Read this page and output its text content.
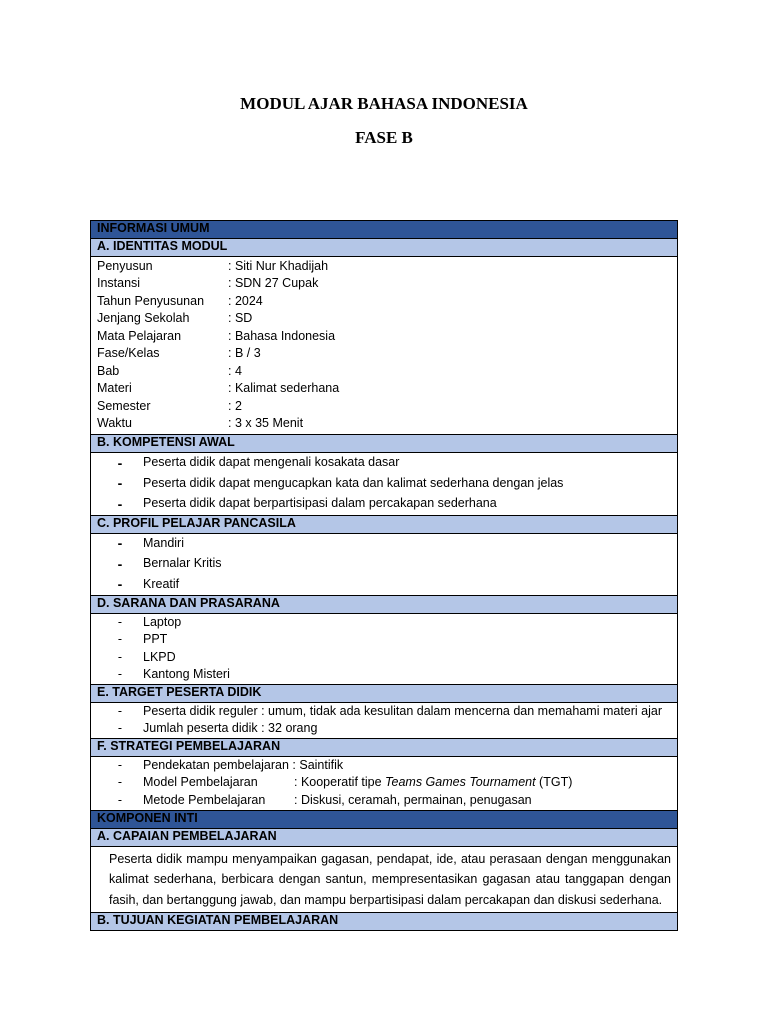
MODUL AJAR BAHASA INDONESIA
FASE B
INFORMASI UMUM
A. IDENTITAS MODUL

Penyusun	: Siti Nur Khadijah
Instansi	: SDN 27 Cupak
Tahun Penyusunan	: 2024
Jenjang Sekolah	: SD
Mata Pelajaran	: Bahasa Indonesia
Fase/Kelas	: B / 3
Bab	: 4
Materi	: Kalimat sederhana
Semester	: 2
Waktu	: 3 x 35 Menit

B. KOMPETENSI AWAL

-	Peserta didik dapat mengenali kosakata dasar
-	Peserta didik dapat mengucapkan kata dan kalimat sederhana dengan jelas
-	Peserta didik dapat berpartisipasi dalam percakapan sederhana

C. PROFIL PELAJAR PANCASILA

-	Mandiri
-	Bernalar Kritis
-	Kreatif

D. SARANA DAN PRASARANA

-	Laptop
-	PPT
-	LKPD
-	Kantong Misteri

E. TARGET PESERTA DIDIK

-	Peserta didik reguler : umum, tidak ada kesulitan dalam mencerna dan memahami materi ajar
-	Jumlah peserta didik : 32 orang

F. STRATEGI PEMBELAJARAN

-	Pendekatan pembelajaran : Saintifik
-	Model Pembelajaran	: Kooperatif tipe Teams Games Tournament (TGT)
-	Metode Pembelajaran	: Diskusi, ceramah, permainan, penugasan

KOMPONEN INTI
A. CAPAIAN PEMBELAJARAN

Peserta didik mampu menyampaikan gagasan, pendapat, ide, atau perasaan dengan menggunakan kalimat sederhana, berbicara dengan santun, mempresentasikan gagasan atau tanggapan dengan fasih, dan bertanggung jawab, dan mampu berpartisipasi dalam percakapan dan diskusi sederhana.

B. TUJUAN KEGIATAN PEMBELAJARAN
